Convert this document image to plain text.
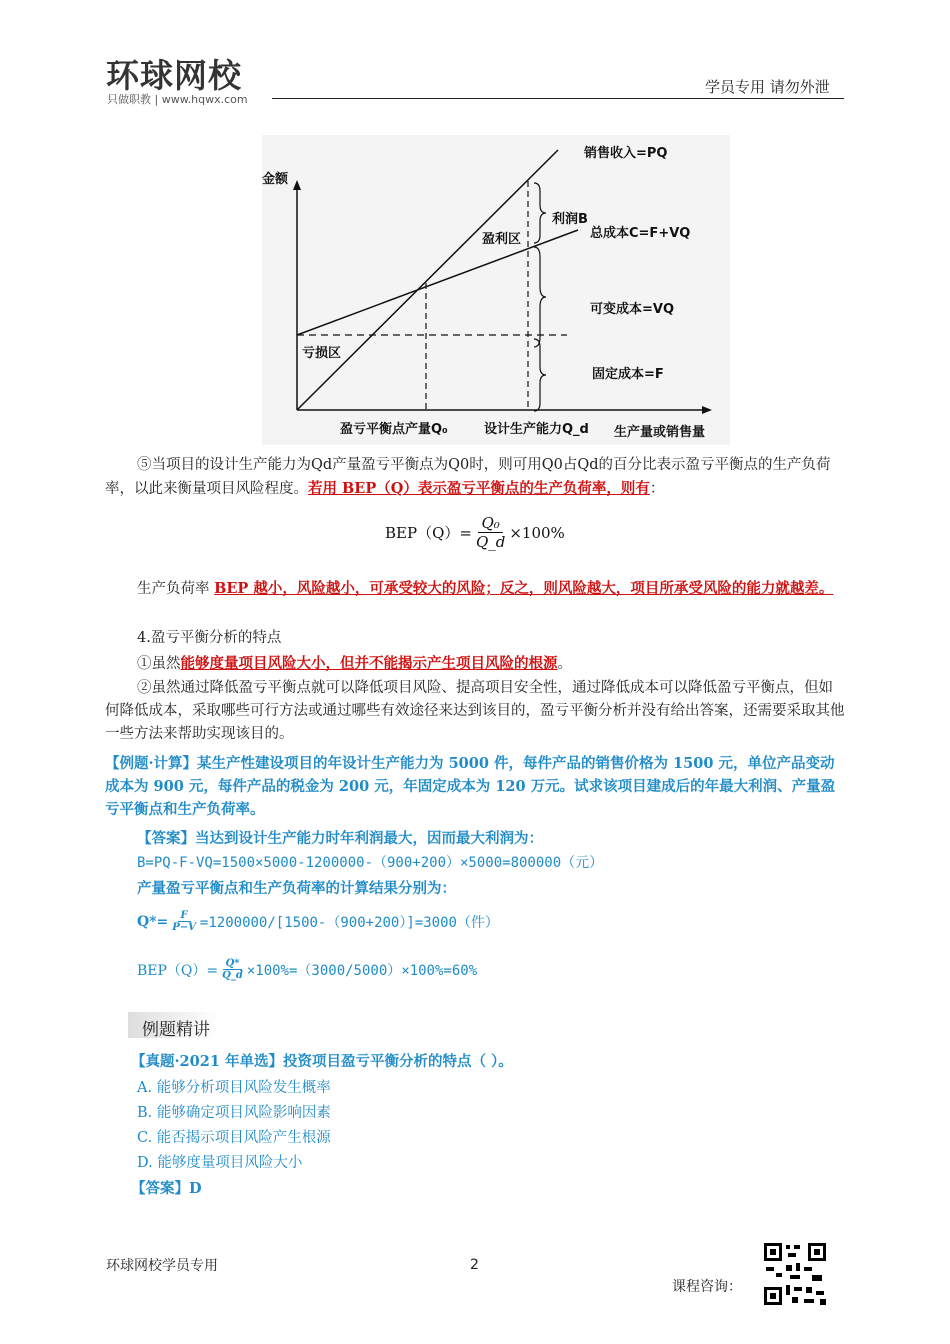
环球网校
只做职教 | www.hqwx.com
学员专用 请勿外泄
金额
销售收入=PQ
利润B
总成本C=F+VQ
盈利区
可变成本=VQ
亏损区
固定成本=F
盈亏平衡点产量Q₀	设计生产能力Q_d 生产量或销售量
⑤当项目的设计生产能力为Qd产量盈亏平衡点为Q0时，则可用Q0占Qd的百分比表示盈亏平衡点的生产负荷率，以此来衡量项目风险程度。若用 BEP（Q）表示盈亏平衡点的生产负荷率，则有：
$BEP(Q)= \frac{\text{Q₀}}{Q\_d} \times 100\%$
生产负荷率 BEP 越小，风险越小，可承受较大的风险；反之，则风险越大，项目所承受风险的能力就越差。
4.盈亏平衡分析的特点
①虽然能够度量项目风险大小，但并不能揭示产生项目风险的根源。
②虽然通过降低盈亏平衡点就可以降低项目风险、提高项目安全性，通过降低成本可以降低盈亏平衡点，但如何降低成本，采取哪些可行方法或通过哪些有效途径来达到该目的，盈亏平衡分析并没有给出答案，还需要采取其他一些方法来帮助实现该目的。
【例题·计算】某生产性建设项目的年设计生产能力为 5000 件，每件产品的销售价格为 1500 元，单位产品变动成本为 900 元，每件产品的税金为 200 元，年固定成本为 120 万元。试求该项目建成后的年最大利润、产量盈亏平衡点和生产负荷率。
【答案】当达到设计生产能力时年利润最大，因而最大利润为：
B=PQ-F-VQ=1500×5000-1200000-（900+200）×5000=800000（元）
产量盈亏平衡点和生产负荷率的计算结果分别为：
$Q*= \frac{F}{P-V} =1200000/[1500-(900+200)]=3000$（件）
$BEP(Q)= \frac{Q*}{Q\_d} \times 100\%=(3000/5000)\times 100\%=60\%$
例题精讲
【真题·2021 年单选】投资项目盈亏平衡分析的特点（ ）。
A. 能够分析项目风险发生概率
B. 能够确定项目风险影响因素
C. 能否揭示项目风险产生根源
D. 能够度量项目风险大小
【答案】D
环球网校学员专用	2
课程咨询：
